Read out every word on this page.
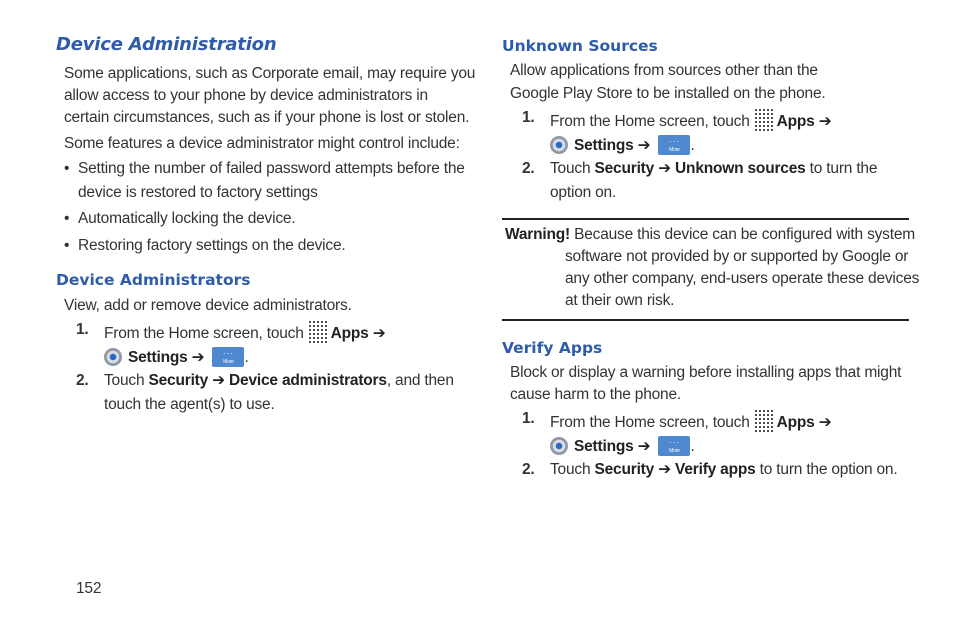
Device Administration
Some applications, such as Corporate email, may require you
allow access to your phone by device administrators in
certain circumstances, such as if your phone is lost or stolen.
Some features a device administrator might control include:
• Setting the number of failed password attempts before the
device is restored to factory settings
• Automatically locking the device.
• Restoring factory settings on the device.
Device Administrators
View, add or remove device administrators.
1. From the Home screen, touch Apps ➔
Settings ➔	···
More .
2. Touch Security ➔ Device administrators, and then
touch the agent(s) to use.
Unknown Sources
Allow applications from sources other than the
Google Play Store to be installed on the phone.
1. From the Home screen, touch Apps ➔
Settings ➔	···
More .
2. Touch Security ➔ Unknown sources to turn the
option on.
Warning! Because this device can be configured with system
software not provided by or supported by Google or
any other company, end-users operate these devices
at their own risk.
Verify Apps
Block or display a warning before installing apps that might
cause harm to the phone.
1. From the Home screen, touch Apps ➔
Settings ➔	···
More .
2. Touch Security ➔ Verify apps to turn the option on.
152
